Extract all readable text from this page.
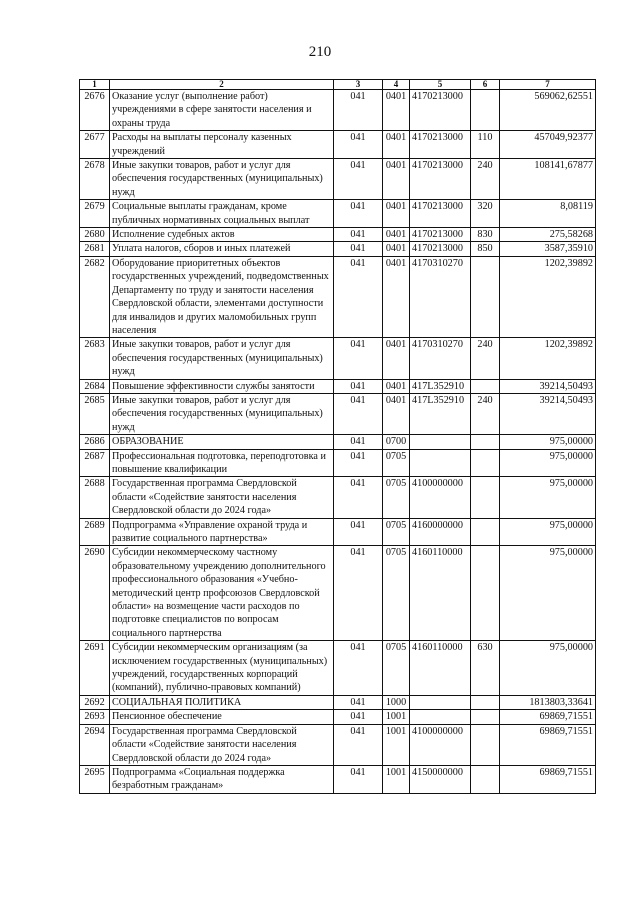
210
1	2	3	4	5	6	7
2676	Оказание услуг (выполнение работ) учреждениями в сфере занятости населения и охраны труда	041	0401	4170213000		569062,62551
2677	Расходы на выплаты персоналу казенных учреждений	041	0401	4170213000	110	457049,92377
2678	Иные закупки товаров, работ и услуг для обеспечения государственных (муниципальных) нужд	041	0401	4170213000	240	108141,67877
2679	Социальные выплаты гражданам, кроме публичных нормативных социальных выплат	041	0401	4170213000	320	8,08119
2680	Исполнение судебных актов	041	0401	4170213000	830	275,58268
2681	Уплата налогов, сборов и иных платежей	041	0401	4170213000	850	3587,35910
2682	Оборудование приоритетных объектов государственных учреждений, подведомственных Департаменту по труду и занятости населения Свердловской области, элементами доступности для инвалидов и других маломобильных групп населения	041	0401	4170310270		1202,39892
2683	Иные закупки товаров, работ и услуг для обеспечения государственных (муниципальных) нужд	041	0401	4170310270	240	1202,39892
2684	Повышение эффективности службы занятости	041	0401	417L352910		39214,50493
2685	Иные закупки товаров, работ и услуг для обеспечения государственных (муниципальных) нужд	041	0401	417L352910	240	39214,50493
2686	ОБРАЗОВАНИЕ	041	0700			975,00000
2687	Профессиональная подготовка, переподготовка и повышение квалификации	041	0705			975,00000
2688	Государственная программа Свердловской области «Содействие занятости населения Свердловской области до 2024 года»	041	0705	4100000000		975,00000
2689	Подпрограмма «Управление охраной труда и развитие социального партнерства»	041	0705	4160000000		975,00000
2690	Субсидии некоммерческому частному образовательному учреждению дополнительного профессионального образования «Учебно-методический центр профсоюзов Свердловской области» на возмещение части расходов по подготовке специалистов по вопросам социального партнерства	041	0705	4160110000		975,00000
2691	Субсидии некоммерческим организациям (за исключением государственных (муниципальных) учреждений, государственных корпораций (компаний), публично-правовых компаний)	041	0705	4160110000	630	975,00000
2692	СОЦИАЛЬНАЯ ПОЛИТИКА	041	1000			1813803,33641
2693	Пенсионное обеспечение	041	1001			69869,71551
2694	Государственная программа Свердловской области «Содействие занятости населения Свердловской области до 2024 года»	041	1001	4100000000		69869,71551
2695	Подпрограмма «Социальная поддержка безработным гражданам»	041	1001	4150000000		69869,71551
